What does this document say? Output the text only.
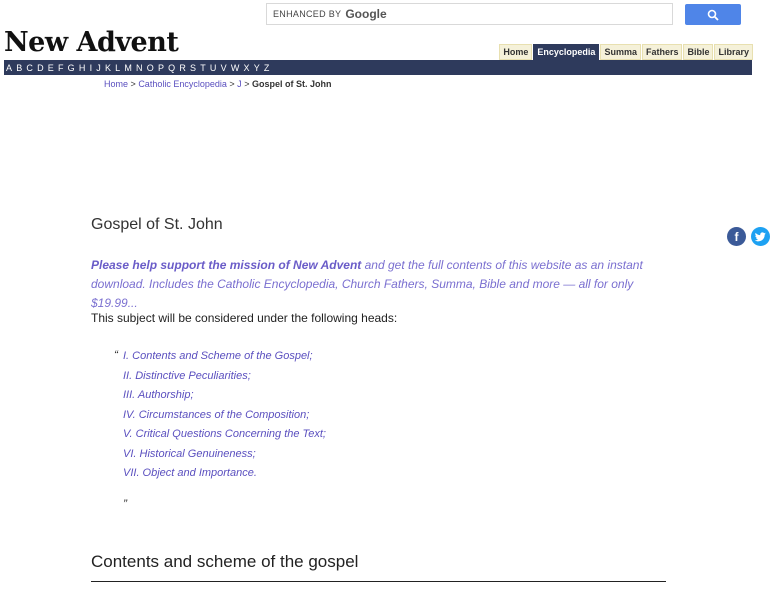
ENHANCED BY Google
New Advent	Home	Encyclopedia	Summa	Fathers	Bible	Library
A B C D E F G H I J K L M N O P Q R S T U V W X Y Z
Home > Catholic Encyclopedia > J > Gospel of St. John
Gospel of St. John
f
Please help support the mission of New Advent and get the full contents of this website as an instant download. Includes the Catholic Encyclopedia, Church Fathers, Summa, Bible and more — all for only $19.99...
This subject will be considered under the following heads:
“ I. Contents and Scheme of the Gospel;
II. Distinctive Peculiarities;
III. Authorship;
IV. Circumstances of the Composition;
V. Critical Questions Concerning the Text;
VI. Historical Genuineness;
VII. Object and Importance.
”
Contents and scheme of the gospel
